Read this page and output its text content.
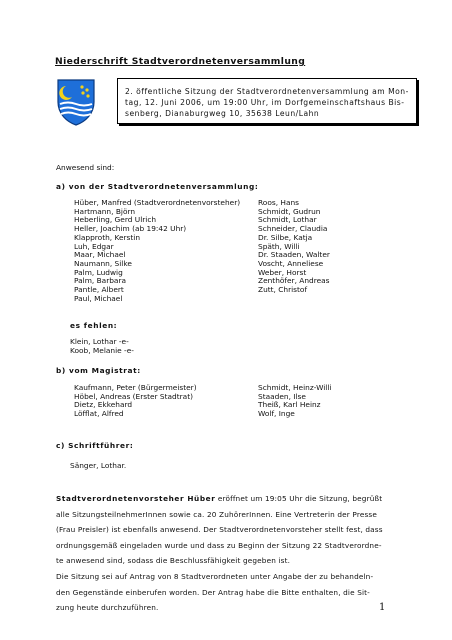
Niederschrift Stadtverordnetenversammlung
2. öffentliche Sitzung der Stadtverordnetenversammlung am Mon-
tag, 12. Juni 2006, um 19:00 Uhr, im Dorfgemeinschaftshaus Bis-
senberg, Dianaburgweg 10, 35638 Leun/Lahn
Anwesend sind:
a) von der Stadtverordnetenversammlung:
Hüber, Manfred (Stadtverordnetenvorsteher)
Hartmann, Björn
Heberling, Gerd Ulrich
Heller, Joachim (ab 19:42 Uhr)
Klapproth, Kerstin
Luh, Edgar
Maar, Michael
Naumann, Silke
Palm, Ludwig
Palm, Barbara
Pantle, Albert
Paul, Michael
Roos, Hans
Schmidt, Gudrun
Schmidt, Lothar
Schneider, Claudia
Dr. Silbe, Katja
Späth, Willi
Dr. Staaden, Walter
Voscht, Anneliese
Weber, Horst
Zenthöfer, Andreas
Zutt, Christof
es fehlen:
Klein, Lothar -e-
Koob, Melanie -e-
b) vom Magistrat:
Kaufmann, Peter (Bürgermeister)
Höbel, Andreas (Erster Stadtrat)
Dietz, Ekkehard
Löfflat, Alfred
Schmidt, Heinz-Willi
Staaden, Ilse
Theiß, Karl Heinz
Wolf, Inge
c) Schriftführer:
Sänger, Lothar.
Stadtverordnetenvorsteher Hüber eröffnet um 19:05 Uhr die Sitzung, begrüßt
alle SitzungsteilnehmerInnen sowie ca. 20 ZuhörerInnen. Eine Vertreterin der Presse
(Frau Preisler) ist ebenfalls anwesend. Der Stadtverordnetenvorsteher stellt fest, dass
ordnungsgemäß eingeladen wurde und dass zu Beginn der Sitzung 22 Stadtverordne-
te anwesend sind, sodass die Beschlussfähigkeit gegeben ist.
Die Sitzung sei auf Antrag von 8 Stadtverordneten unter Angabe der zu behandeln-
den Gegenstände einberufen worden. Der Antrag habe die Bitte enthalten, die Sit-
zung heute durchzuführen.	1
